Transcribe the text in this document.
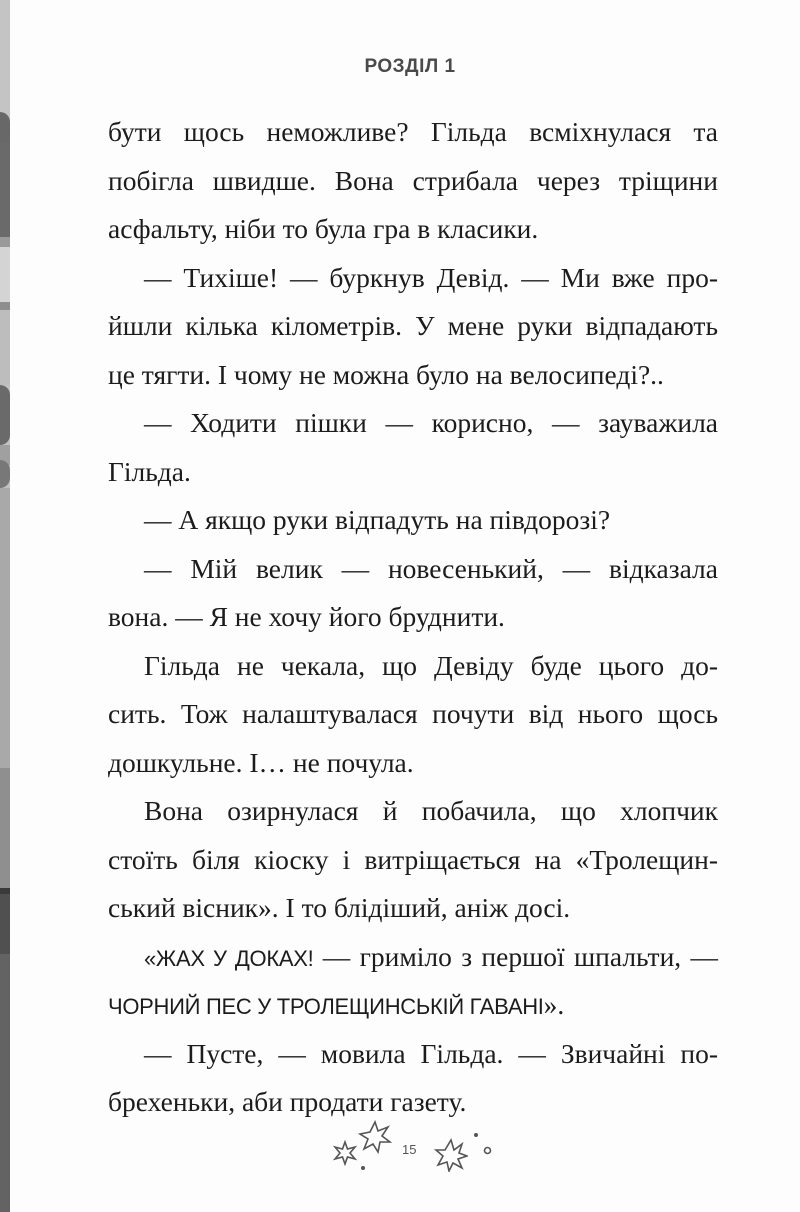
РОЗДІЛ 1
бути щось неможливе? Гільда всміхнулася та
побігла швидше. Вона стрибала через тріщини
асфальту, ніби то була гра в класики.
— Тихіше! — буркнув Девід. — Ми вже про-
йшли кілька кілометрів. У мене руки відпадають
це тягти. І чому не можна було на велосипеді?..
— Ходити пішки — корисно, — зауважила
Гільда.
— А якщо руки відпадуть на півдорозі?
— Мій велик — новесенький, — відказала
вона. — Я не хочу його бруднити.
Гільда не чекала, що Девіду буде цього до-
сить. Тож налаштувалася почути від нього щось
дошкульне. І… не почула.
Вона озирнулася й побачила, що хлопчик
стоїть біля кіоску і витріщається на «Тролещин-
ський вісник». І то блідіший, аніж досі.
«ЖАХ У ДОКАХ! — гриміло з першої шпальти, —
ЧОРНИЙ ПЕС У ТРОЛЕЩИНСЬКІЙ ГАВАНІ».
— Пусте, — мовила Гільда. — Звичайні по-
брехеньки, аби продати газету.
15
